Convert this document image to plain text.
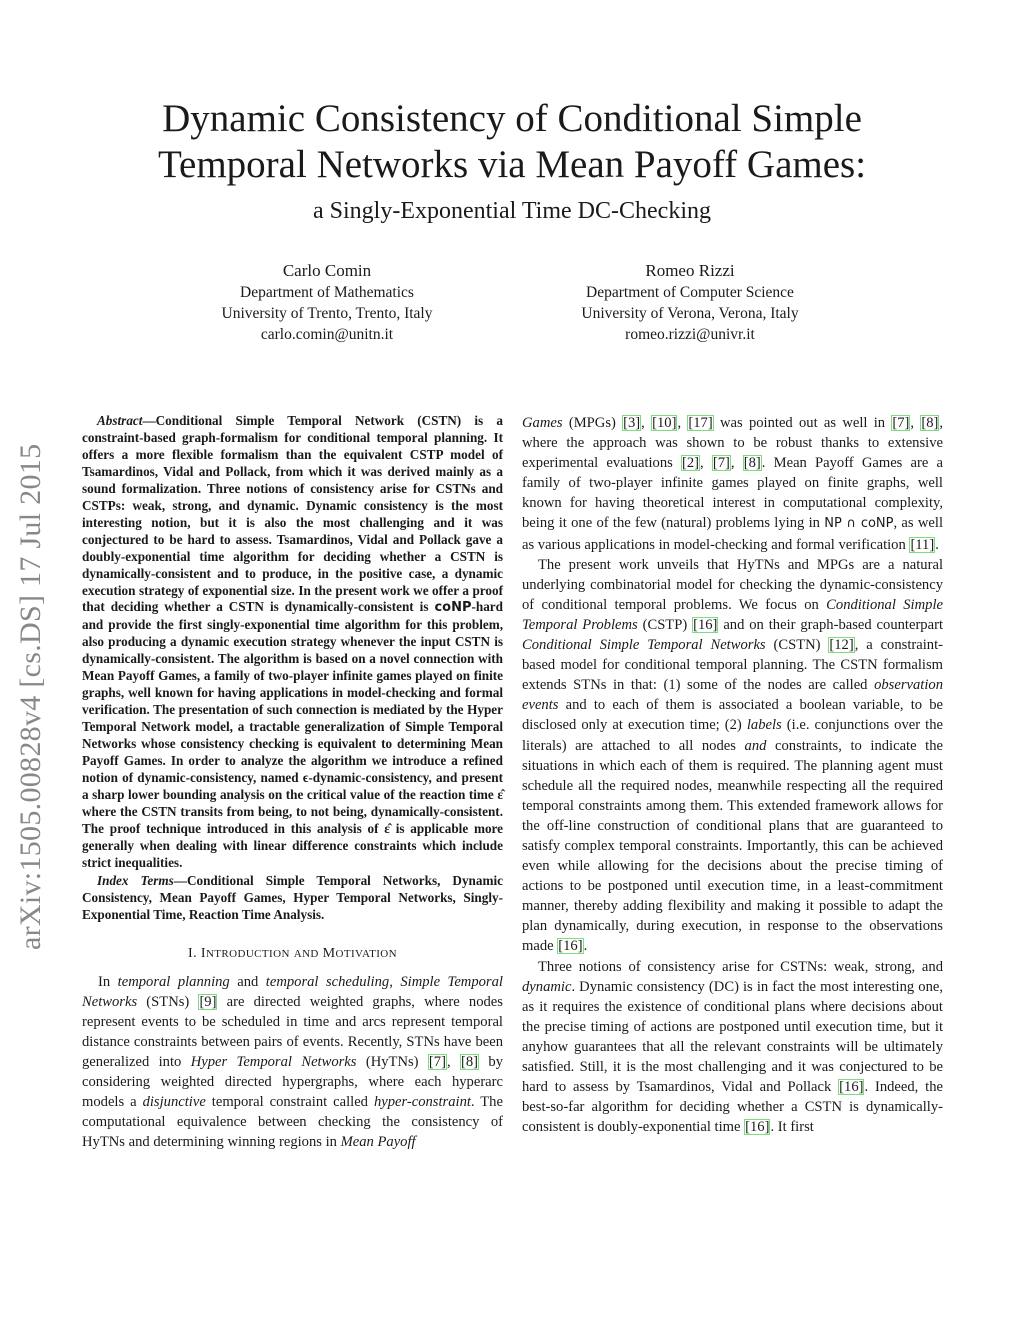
Dynamic Consistency of Conditional Simple
Temporal Networks via Mean Payoff Games:
a Singly-Exponential Time DC-Checking
Carlo Comin
Department of Mathematics
University of Trento, Trento, Italy
carlo.comin@unitn.it
Romeo Rizzi
Department of Computer Science
University of Verona, Verona, Italy
romeo.rizzi@univr.it
arXiv:1505.00828v4 [cs.DS] 17 Jul 2015

Abstract—Conditional Simple Temporal Network (CSTN) is a constraint-based graph-formalism for conditional temporal planning. It offers a more flexible formalism than the equivalent CSTP model of Tsamardinos, Vidal and Pollack, from which it was derived mainly as a sound formalization. Three notions of consistency arise for CSTNs and CSTPs: weak, strong, and dynamic. Dynamic consistency is the most interesting notion, but it is also the most challenging and it was conjectured to be hard to assess. Tsamardinos, Vidal and Pollack gave a doubly-exponential time algorithm for deciding whether a CSTN is dynamically-consistent and to produce, in the positive case, a dynamic execution strategy of exponential size. In the present work we offer a proof that deciding whether a CSTN is dynamically-consistent is coNP-hard and provide the first singly-exponential time algorithm for this problem, also producing a dynamic execution strategy whenever the input CSTN is dynamically-consistent. The algorithm is based on a novel connection with Mean Payoff Games, a family of two-player infinite games played on finite graphs, well known for having applications in model-checking and formal verification. The presentation of such connection is mediated by the Hyper Temporal Network model, a tractable generalization of Simple Temporal Networks whose consistency checking is equivalent to determining Mean Payoff Games. In order to analyze the algorithm we introduce a refined notion of dynamic-consistency, named ϵ-dynamic-consistency, and present a sharp lower bounding analysis on the critical value of the reaction time ε̂ where the CSTN transits from being, to not being, dynamically-consistent. The proof technique introduced in this analysis of ε̂ is applicable more generally when dealing with linear difference constraints which include strict inequalities.

Index Terms—Conditional Simple Temporal Networks, Dynamic Consistency, Mean Payoff Games, Hyper Temporal Networks, Singly-Exponential Time, Reaction Time Analysis.

I. INTRODUCTION AND MOTIVATION

In temporal planning and temporal scheduling, Simple Temporal Networks (STNs) [9] are directed weighted graphs, where nodes represent events to be scheduled in time and arcs represent temporal distance constraints between pairs of events. Recently, STNs have been generalized into Hyper Temporal Networks (HyTNs) [7], [8] by considering weighted directed hypergraphs, where each hyperarc models a disjunctive temporal constraint called hyper-constraint. The computational equivalence between checking the consistency of HyTNs and determining winning regions in Mean Payoff

Games (MPGs) [3], [10], [17] was pointed out as well in [7], [8], where the approach was shown to be robust thanks to extensive experimental evaluations [2], [7], [8]. Mean Payoff Games are a family of two-player infinite games played on finite graphs, well known for having theoretical interest in computational complexity, being it one of the few (natural) problems lying in NP ∩ coNP, as well as various applications in model-checking and formal verification [11].

The present work unveils that HyTNs and MPGs are a natural underlying combinatorial model for checking the dynamic-consistency of conditional temporal problems. We focus on Conditional Simple Temporal Problems (CSTP) [16] and on their graph-based counterpart Conditional Simple Temporal Networks (CSTN) [12], a constraint-based model for conditional temporal planning. The CSTN formalism extends STNs in that: (1) some of the nodes are called observation events and to each of them is associated a boolean variable, to be disclosed only at execution time; (2) labels (i.e. conjunctions over the literals) are attached to all nodes and constraints, to indicate the situations in which each of them is required. The planning agent must schedule all the required nodes, meanwhile respecting all the required temporal constraints among them. This extended framework allows for the off-line construction of conditional plans that are guaranteed to satisfy complex temporal constraints. Importantly, this can be achieved even while allowing for the decisions about the precise timing of actions to be postponed until execution time, in a least-commitment manner, thereby adding flexibility and making it possible to adapt the plan dynamically, during execution, in response to the observations made [16].

Three notions of consistency arise for CSTNs: weak, strong, and dynamic. Dynamic consistency (DC) is in fact the most interesting one, as it requires the existence of conditional plans where decisions about the precise timing of actions are postponed until execution time, but it anyhow guarantees that all the relevant constraints will be ultimately satisfied. Still, it is the most challenging and it was conjectured to be hard to assess by Tsamardinos, Vidal and Pollack [16]. Indeed, the best-so-far algorithm for deciding whether a CSTN is dynamically-consistent is doubly-exponential time [16]. It first
